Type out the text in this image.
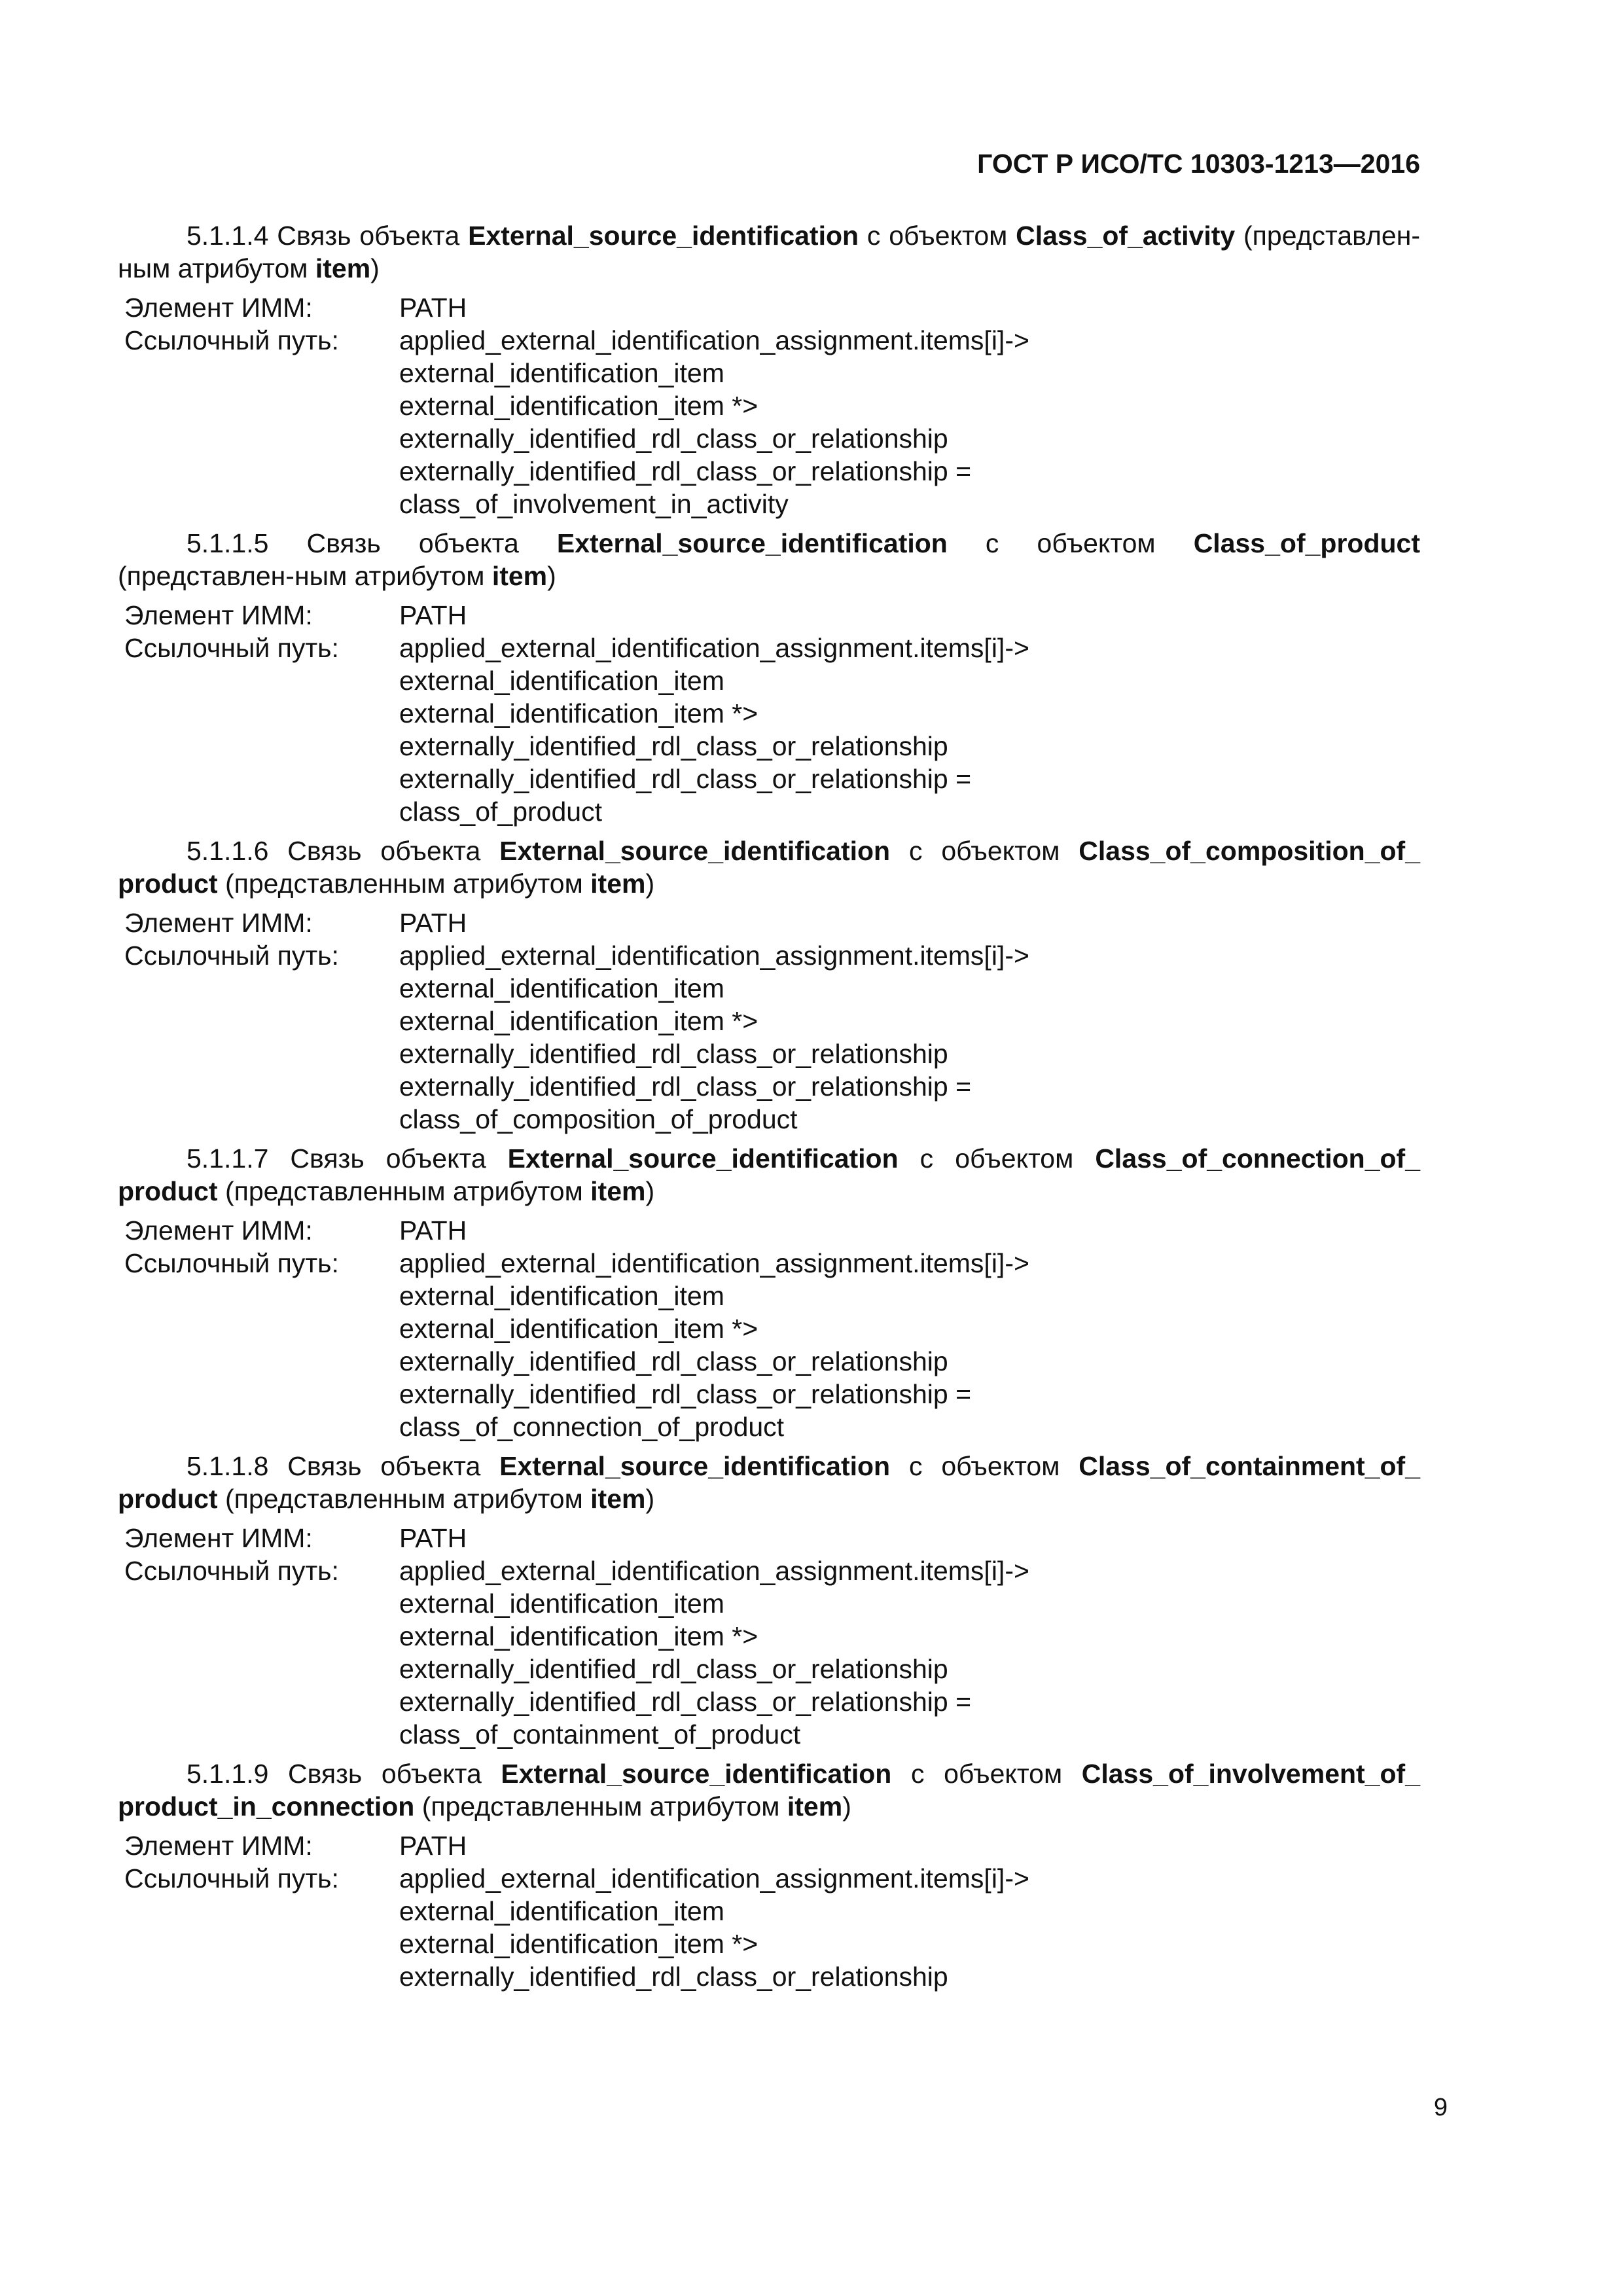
ГОСТ Р ИСО/ТС 10303-1213—2016
5.1.1.4 Связь объекта External_source_identification с объектом Class_of_activity (представлен-ным атрибутом item)
Элемент ИММ:	PATH
Ссылочный путь:	applied_external_identification_assignment.items[i]->
external_identification_item
external_identification_item *>
externally_identified_rdl_class_or_relationship
externally_identified_rdl_class_or_relationship =
class_of_involvement_in_activity
5.1.1.5 Связь объекта External_source_identification с объектом Class_of_product (представлен-ным атрибутом item)
Элемент ИММ:	PATH
Ссылочный путь:	applied_external_identification_assignment.items[i]->
external_identification_item
external_identification_item *>
externally_identified_rdl_class_or_relationship
externally_identified_rdl_class_or_relationship =
class_of_product
5.1.1.6 Связь объекта External_source_identification с объектом Class_of_composition_of_ product (представленным атрибутом item)
Элемент ИММ:	PATH
Ссылочный путь:	applied_external_identification_assignment.items[i]->
external_identification_item
external_identification_item *>
externally_identified_rdl_class_or_relationship
externally_identified_rdl_class_or_relationship =
class_of_composition_of_product
5.1.1.7 Связь объекта External_source_identification с объектом Class_of_connection_of_ product (представленным атрибутом item)
Элемент ИММ:	PATH
Ссылочный путь:	applied_external_identification_assignment.items[i]->
external_identification_item
external_identification_item *>
externally_identified_rdl_class_or_relationship
externally_identified_rdl_class_or_relationship =
class_of_connection_of_product
5.1.1.8 Связь объекта External_source_identification с объектом Class_of_containment_of_ product (представленным атрибутом item)
Элемент ИММ:	PATH
Ссылочный путь:	applied_external_identification_assignment.items[i]->
external_identification_item
external_identification_item *>
externally_identified_rdl_class_or_relationship
externally_identified_rdl_class_or_relationship =
class_of_containment_of_product
5.1.1.9 Связь объекта External_source_identification с объектом Class_of_involvement_of_ product_in_connection (представленным атрибутом item)
Элемент ИММ:	PATH
Ссылочный путь:	applied_external_identification_assignment.items[i]->
external_identification_item
external_identification_item *>
externally_identified_rdl_class_or_relationship
9
